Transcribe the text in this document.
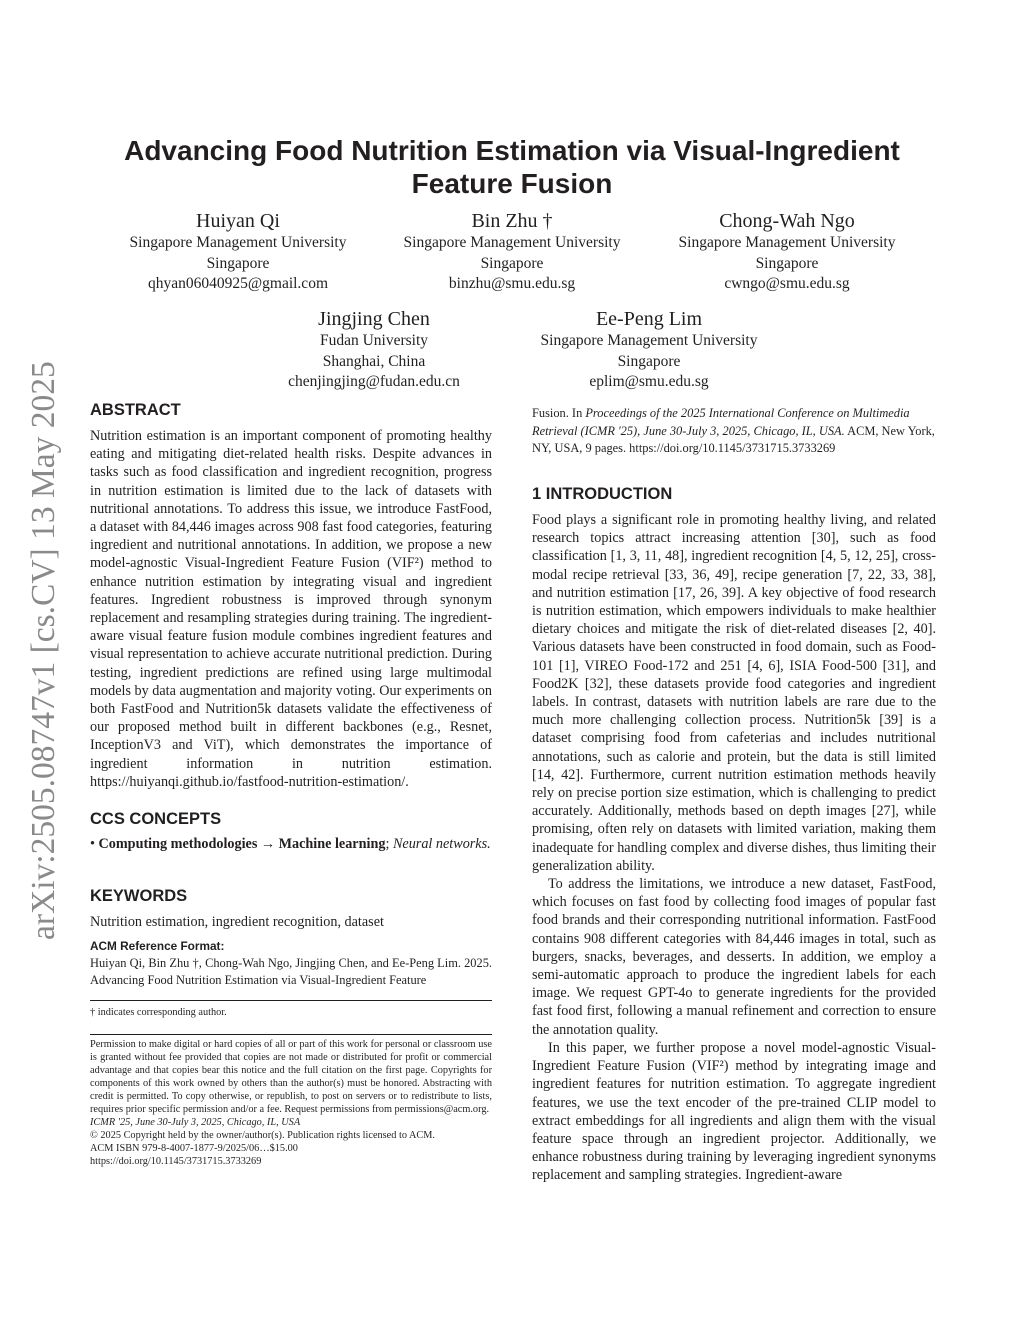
arXiv:2505.08747v1 [cs.CV] 13 May 2025
Advancing Food Nutrition Estimation via Visual-Ingredient
Feature Fusion
Huiyan Qi
Singapore Management University
Singapore
qhyan06040925@gmail.com
Bin Zhu †
Singapore Management University
Singapore
binzhu@smu.edu.sg
Chong-Wah Ngo
Singapore Management University
Singapore
cwngo@smu.edu.sg
Jingjing Chen
Fudan University
Shanghai, China
chenjingjing@fudan.edu.cn
Ee-Peng Lim
Singapore Management University
Singapore
eplim@smu.edu.sg
ABSTRACT

Nutrition estimation is an important component of promoting healthy eating and mitigating diet-related health risks. Despite advances in tasks such as food classification and ingredient recognition, progress in nutrition estimation is limited due to the lack of datasets with nutritional annotations. To address this issue, we introduce FastFood, a dataset with 84,446 images across 908 fast food categories, featuring ingredient and nutritional annotations. In addition, we propose a new model-agnostic Visual-Ingredient Feature Fusion (VIF²) method to enhance nutrition estimation by integrating visual and ingredient features. Ingredient robustness is improved through synonym replacement and resampling strategies during training. The ingredient-aware visual feature fusion module combines ingredient features and visual representation to achieve accurate nutritional prediction. During testing, ingredient predictions are refined using large multimodal models by data augmentation and majority voting. Our experiments on both FastFood and Nutrition5k datasets validate the effectiveness of our proposed method built in different backbones (e.g., Resnet, InceptionV3 and ViT), which demonstrates the importance of ingredient information in nutrition estimation. https://huiyanqi.github.io/fastfood-nutrition-estimation/.

CCS CONCEPTS

• Computing methodologies → Machine learning; Neural networks.

KEYWORDS

Nutrition estimation, ingredient recognition, dataset

ACM Reference Format:

Huiyan Qi, Bin Zhu †, Chong-Wah Ngo, Jingjing Chen, and Ee-Peng Lim. 2025. Advancing Food Nutrition Estimation via Visual-Ingredient Feature

† indicates corresponding author.

Permission to make digital or hard copies of all or part of this work for personal or classroom use is granted without fee provided that copies are not made or distributed for profit or commercial advantage and that copies bear this notice and the full citation on the first page. Copyrights for components of this work owned by others than the author(s) must be honored. Abstracting with credit is permitted. To copy otherwise, or republish, to post on servers or to redistribute to lists, requires prior specific permission and/or a fee. Request permissions from permissions@acm.org.

ICMR '25, June 30-July 3, 2025, Chicago, IL, USA

© 2025 Copyright held by the owner/author(s). Publication rights licensed to ACM.

ACM ISBN 979-8-4007-1877-9/2025/06…$15.00

https://doi.org/10.1145/3731715.3733269

Fusion. In Proceedings of the 2025 International Conference on Multimedia Retrieval (ICMR '25), June 30-July 3, 2025, Chicago, IL, USA. ACM, New York, NY, USA, 9 pages. https://doi.org/10.1145/3731715.3733269

1 INTRODUCTION

Food plays a significant role in promoting healthy living, and related research topics attract increasing attention [30], such as food classification [1, 3, 11, 48], ingredient recognition [4, 5, 12, 25], cross-modal recipe retrieval [33, 36, 49], recipe generation [7, 22, 33, 38], and nutrition estimation [17, 26, 39]. A key objective of food research is nutrition estimation, which empowers individuals to make healthier dietary choices and mitigate the risk of diet-related diseases [2, 40]. Various datasets have been constructed in food domain, such as Food-101 [1], VIREO Food-172 and 251 [4, 6], ISIA Food-500 [31], and Food2K [32], these datasets provide food categories and ingredient labels. In contrast, datasets with nutrition labels are rare due to the much more challenging collection process. Nutrition5k [39] is a dataset comprising food from cafeterias and includes nutritional annotations, such as calorie and protein, but the data is still limited [14, 42]. Furthermore, current nutrition estimation methods heavily rely on precise portion size estimation, which is challenging to predict accurately. Additionally, methods based on depth images [27], while promising, often rely on datasets with limited variation, making them inadequate for handling complex and diverse dishes, thus limiting their generalization ability.

To address the limitations, we introduce a new dataset, FastFood, which focuses on fast food by collecting food images of popular fast food brands and their corresponding nutritional information. FastFood contains 908 different categories with 84,446 images in total, such as burgers, snacks, beverages, and desserts. In addition, we employ a semi-automatic approach to produce the ingredient labels for each image. We request GPT-4o to generate ingredients for the provided fast food first, following a manual refinement and correction to ensure the annotation quality.

In this paper, we further propose a novel model-agnostic Visual-Ingredient Feature Fusion (VIF²) method by integrating image and ingredient features for nutrition estimation. To aggregate ingredient features, we use the text encoder of the pre-trained CLIP model to extract embeddings for all ingredients and align them with the visual feature space through an ingredient projector. Additionally, we enhance robustness during training by leveraging ingredient synonyms replacement and sampling strategies. Ingredient-aware
